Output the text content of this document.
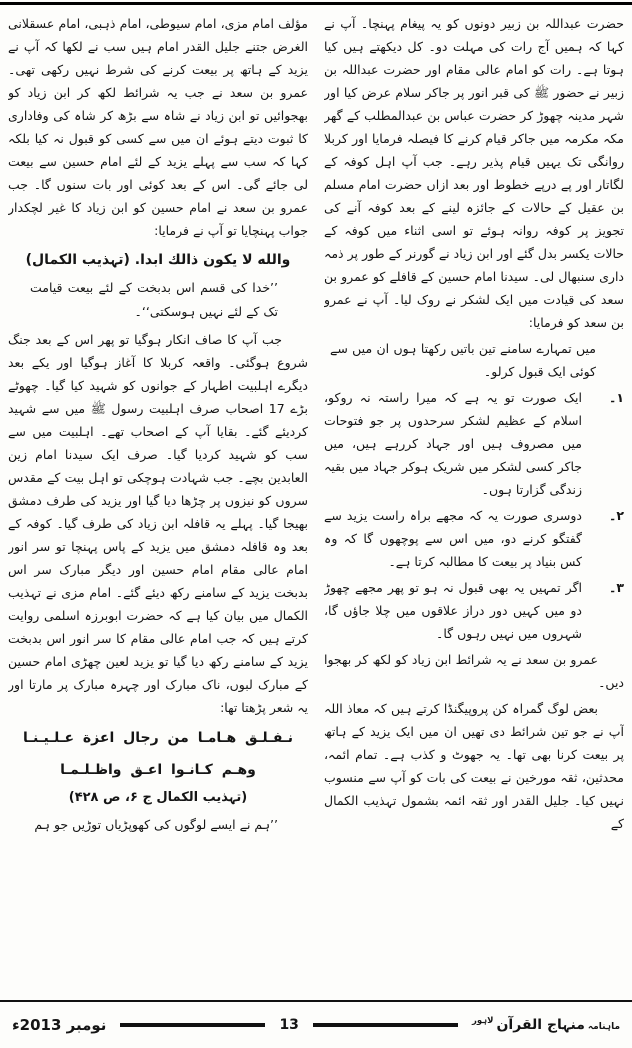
حضرت عبداللہ بن زبیر دونوں کو یہ پیغام پہنچا۔ آپ نے کہا کہ ہمیں آج رات کی مہلت دو۔ کل دیکھتے ہیں کیا ہوتا ہے۔ رات کو امام عالی مقام اور حضرت عبداللہ بن زبیر نے حضور ﷺ کی قبر انور پر جاکر سلام عرض کیا اور شہر مدینہ چھوڑ کر حضرت عباس بن عبدالمطلب کے گھر مکہ مکرمہ میں جاکر قیام کرنے کا فیصلہ فرمایا اور کربلا روانگی تک یہیں قیام پذیر رہے۔ جب آپ اہل کوفہ کے لگاتار اور پے درپے خطوط اور بعد ازاں حضرت امام مسلم بن عقیل کے حالات کے جائزہ لینے کے بعد کوفہ آنے کی تجویز پر کوفہ روانہ ہوئے تو اسی اثناء میں کوفہ کے حالات یکسر بدل گئے اور ابن زیاد نے گورنر کے طور پر ذمہ داری سنبھال لی۔ سیدنا امام حسین کے قافلے کو عمرو بن سعد کی قیادت میں ایک لشکر نے روک لیا۔ آپ نے عمرو بن سعد کو فرمایا:
میں تمہارے سامنے تین باتیں رکھتا ہوں ان میں سے کوئی ایک قبول کرلو۔
۱۔
ایک صورت تو یہ ہے کہ میرا راستہ نہ روکو، اسلام کے عظیم لشکر سرحدوں پر جو فتوحات میں مصروف ہیں اور جہاد کررہے ہیں، میں جاکر کسی لشکر میں شریک ہوکر جہاد میں بقیہ زندگی گزارتا ہوں۔
۲۔
دوسری صورت یہ کہ مجھے براہ راست یزید سے گفتگو کرنے دو، میں اس سے پوچھوں گا کہ وہ کس بنیاد پر بیعت کا مطالبہ کرتا ہے۔
۳۔
اگر تمہیں یہ بھی قبول نہ ہو تو پھر مجھے چھوڑ دو میں کہیں دور دراز علاقوں میں چلا جاؤں گا، شہروں میں نہیں رہوں گا۔
عمرو بن سعد نے یہ شرائط ابن زیاد کو لکھ کر بھجوا دیں۔
بعض لوگ گمراہ کن پروپیگنڈا کرتے ہیں کہ معاذ اللہ آپ نے جو تین شرائط دی تھیں ان میں ایک یزید کے ہاتھ پر بیعت کرنا بھی تھا۔ یہ جھوٹ و کذب ہے۔ تمام ائمہ، محدثین، ثقہ مورخین نے بیعت کی بات کو آپ سے منسوب نہیں کیا۔ جلیل القدر اور ثقہ ائمہ بشمول تہذیب الکمال کے
مؤلف امام مزی، امام سیوطی، امام ذہبی، امام عسقلانی الغرض جتنے جلیل القدر امام ہیں سب نے لکھا کہ آپ نے یزید کے ہاتھ پر بیعت کرنے کی شرط نہیں رکھی تھی۔ عمرو بن سعد نے جب یہ شرائط لکھ کر ابن زیاد کو بھجوائیں تو ابن زیاد نے شاہ سے بڑھ کر شاہ کی وفاداری کا ثبوت دیتے ہوئے ان میں سے کسی کو قبول نہ کیا بلکہ کہا کہ سب سے پہلے یزید کے لئے امام حسین سے بیعت لی جائے گی۔ اس کے بعد کوئی اور بات سنوں گا۔ جب عمرو بن سعد نے امام حسین کو ابن زیاد کا غیر لچکدار جواب پہنچایا تو آپ نے فرمایا:
والله لا يكون ذالك ابدا. (تہذیب الکمال)
’’خدا کی قسم اس بدبخت کے لئے بیعت قیامت تک کے لئے نہیں ہوسکتی‘‘۔
جب آپ کا صاف انکار ہوگیا تو پھر اس کے بعد جنگ شروع ہوگئی۔ واقعہ کربلا کا آغاز ہوگیا اور یکے بعد دیگرے اہلبیت اطہار کے جوانوں کو شہید کیا گیا۔ چھوٹے بڑے 17 اصحاب صرف اہلبیت رسول ﷺ میں سے شہید کردیئے گئے۔ بقایا آپ کے اصحاب تھے۔ اہلبیت میں سے سب کو شہید کردیا گیا۔ صرف ایک سیدنا امام زین العابدین بچے۔ جب شہادت ہوچکی تو اہل بیت کے مقدس سروں کو نیزوں پر چڑھا دیا گیا اور یزید کی طرف دمشق بھیجا گیا۔ پہلے یہ قافلہ ابن زیاد کی طرف گیا۔ کوفہ کے بعد وہ قافلہ دمشق میں یزید کے پاس پہنچا تو سر انور امام عالی مقام امام حسین اور دیگر مبارک سر اس بدبخت یزید کے سامنے رکھ دیئے گئے۔ امام مزی نے تہذیب الکمال میں بیان کیا ہے کہ حضرت ابوبرزہ اسلمی روایت کرتے ہیں کہ جب امام عالی مقام کا سر انور اس بدبخت یزید کے سامنے رکھ دیا گیا تو یزید لعین چھڑی امام حسین کے مبارک لبوں، ناک مبارک اور چہرہ مبارک پر مارتا اور یہ شعر پڑھتا تھا:
نـفـلـق هـامـا من رجال اعزة عـلـيـنـا
وهـم كـانـوا اعـق واظـلـمـا
(تہذیب الکمال ج ۶، ص ۴۲۸)
’’ہم نے ایسے لوگوں کی کھوپڑیاں توڑیں جو ہم
نومبر 2013ء	13	ماہنامہ
منہاج القرآن
لاہور
